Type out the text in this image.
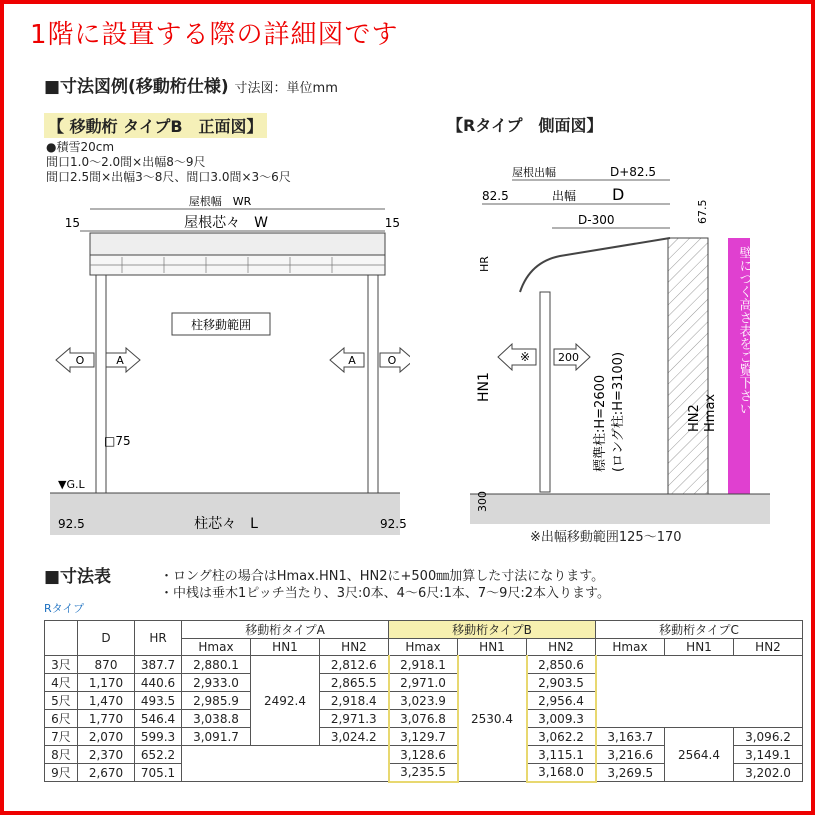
1階に設置する際の詳細図です
■寸法図例(移動桁仕様) 寸法図：単位mm
【 移動桁 タイプB　正面図】	【Rタイプ　側面図】
●積雪20cm
間口1.0〜2.0間×出幅8〜9尺
間口2.5間×出幅3〜8尺、間口3.0間×3〜6尺
屋根幅　WR
15	15
屋根芯々　W
柱移動範囲
O	A	A	O
□75
▼G.L
柱芯々　L
92.5	92.5
屋根出幅	D+82.5
82.5	出幅 D
D-300	67.5
HR
HN1
※	200
標準柱:H=2600 (ロング柱:H=3100)	HN2 Hmax 壁につく高さ表をご覧下さい
300
※出幅移動範囲125〜170
■寸法表	・ロング柱の場合はHmax.HN1、HN2に+500㎜加算した寸法になります。
・中桟は垂木1ピッチ当たり、3尺:0本、4〜6尺:1本、7〜9尺:2本入ります。
Rタイプ
	D	HR	移動桁タイプA			移動桁タイプB			移動桁タイプC		
			Hmax	HN1	HN2	Hmax	HN1	HN2	Hmax	HN1	HN2
3尺	870	387.7	2,880.1	2492.4	2,812.6	2,918.1	2530.4	2,850.6			
4尺	1,170	440.6	2,933.0		2,865.5	2,971.0		2,903.5			
5尺	1,470	493.5	2,985.9		2,918.4	3,023.9		2,956.4			
6尺	1,770	546.4	3,038.8		2,971.3	3,076.8		3,009.3			
7尺	2,070	599.3	3,091.7		3,024.2	3,129.7		3,062.2	3,163.7	2564.4	3,096.2
8尺	2,370	652.2				3,128.6		3,115.1	3,216.6		3,149.1
9尺	2,670	705.1				3,235.5		3,168.0	3,269.5		3,202.0
